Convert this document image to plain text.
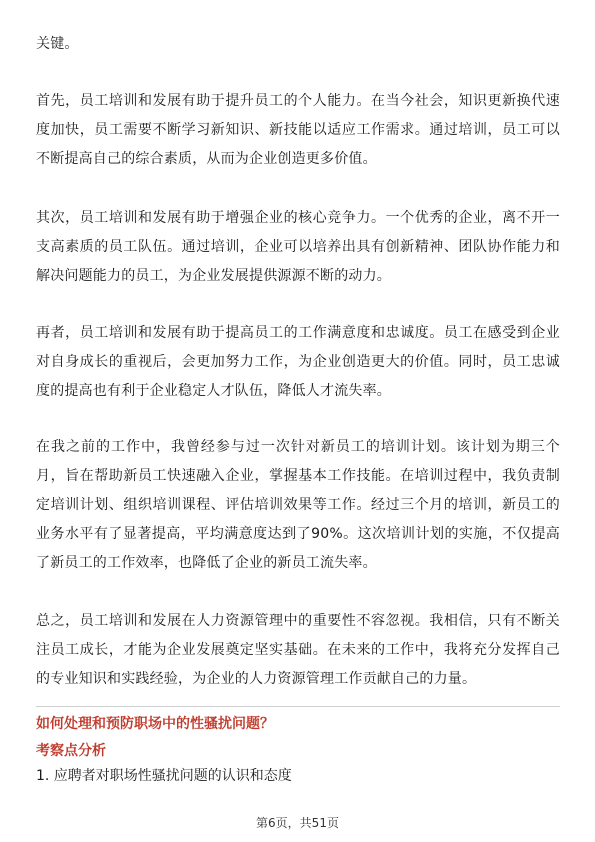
关键。

首先，员工培训和发展有助于提升员工的个人能力。在当今社会，知识更新换代速度加快，员工需要不断学习新知识、新技能以适应工作需求。通过培训，员工可以不断提高自己的综合素质，从而为企业创造更多价值。

其次，员工培训和发展有助于增强企业的核心竞争力。一个优秀的企业，离不开一支高素质的员工队伍。通过培训，企业可以培养出具有创新精神、团队协作能力和解决问题能力的员工，为企业发展提供源源不断的动力。

再者，员工培训和发展有助于提高员工的工作满意度和忠诚度。员工在感受到企业对自身成长的重视后，会更加努力工作，为企业创造更大的价值。同时，员工忠诚度的提高也有利于企业稳定人才队伍，降低人才流失率。

在我之前的工作中，我曾经参与过一次针对新员工的培训计划。该计划为期三个月，旨在帮助新员工快速融入企业，掌握基本工作技能。在培训过程中，我负责制定培训计划、组织培训课程、评估培训效果等工作。经过三个月的培训，新员工的业务水平有了显著提高，平均满意度达到了90%。这次培训计划的实施，不仅提高了新员工的工作效率，也降低了企业的新员工流失率。

总之，员工培训和发展在人力资源管理中的重要性不容忽视。我相信，只有不断关注员工成长，才能为企业发展奠定坚实基础。在未来的工作中，我将充分发挥自己的专业知识和实践经验，为企业的人力资源管理工作贡献自己的力量。

如何处理和预防职场中的性骚扰问题？
考察点分析
1. 应聘者对职场性骚扰问题的认识和态度
第6页，共51页
